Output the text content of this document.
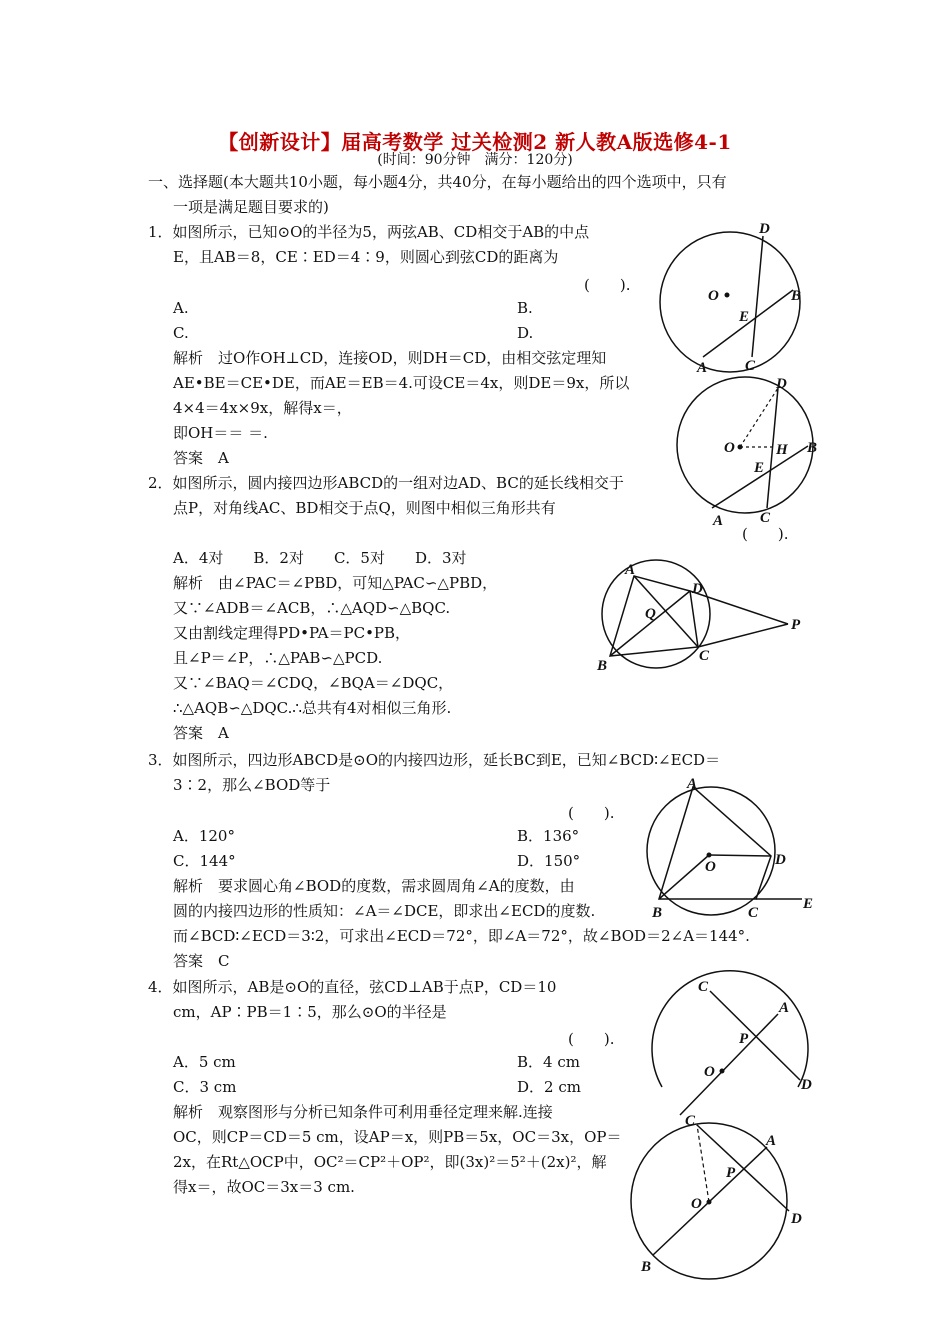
【创新设计】届高考数学 过关检测2 新人教A版选修4-1
(时间：90分钟　满分：120分)
一、选择题(本大题共10小题，每小题4分，共40分，在每小题给出的四个选项中，只有
一项是满足题目要求的)
1．如图所示，已知⊙O的半径为5，两弦AB、CD相交于AB的中点
E，且AB＝8，CE∶ED＝4∶9，则圆心到弦CD的距离为
(　　).
A.	B.
C.	D.
解析　过O作OH⊥CD，连接OD，则DH＝CD，由相交弦定理知
AE•BE＝CE•DE，而AE＝EB＝4.可设CE＝4x，则DE＝9x，所以
4×4＝4x×9x，解得x＝，
即OH＝＝ ＝.
答案　A
2．如图所示，圆内接四边形ABCD的一组对边AD、BC的延长线相交于
点P，对角线AC、BD相交于点Q，则图中相似三角形共有
(　　).
A．4对　　B．2对　　C．5对　　D．3对
解析　由∠PAC＝∠PBD，可知△PAC∽△PBD，
又∵∠ADB＝∠ACB，∴△AQD∽△BQC.
又由割线定理得PD•PA＝PC•PB，
且∠P＝∠P，∴△PAB∽△PCD.
又∵∠BAQ＝∠CDQ，∠BQA＝∠DQC，
∴△AQB∽△DQC.∴总共有4对相似三角形.
答案　A
3．如图所示，四边形ABCD是⊙O的内接四边形，延长BC到E，已知∠BCD∶∠ECD＝
3∶2，那么∠BOD等于
(　　).
A．120°	B．136°
C．144°	D．150°
解析　要求圆心角∠BOD的度数，需求圆周角∠A的度数，由
圆的内接四边形的性质知：∠A＝∠DCE，即求出∠ECD的度数.
而∠BCD∶∠ECD＝3∶2，可求出∠ECD＝72°，即∠A＝72°，故∠BOD＝2∠A＝144°.
答案　C
4．如图所示，AB是⊙O的直径，弦CD⊥AB于点P，CD＝10
cm，AP∶PB＝1∶5，那么⊙O的半径是
(　　).
A．5 cm	B．4 cm
C．3 cm	D．2 cm
解析　观察图形与分析已知条件可利用垂径定理来解.连接
OC，则CP＝CD＝5 cm，设AP＝x，则PB＝5x，OC＝3x，OP＝
2x，在Rt△OCP中，OC²＝CP²＋OP²，即(3x)²＝5²＋(2x)²，解
得x＝，故OC＝3x＝3 cm.
D
O	B
E
A	C
D
O	H B
E
A C
A
D
Q
P
B
C
A
O	D
B	C
E
C
A
P
O
D
C
A
P
O
D
B
